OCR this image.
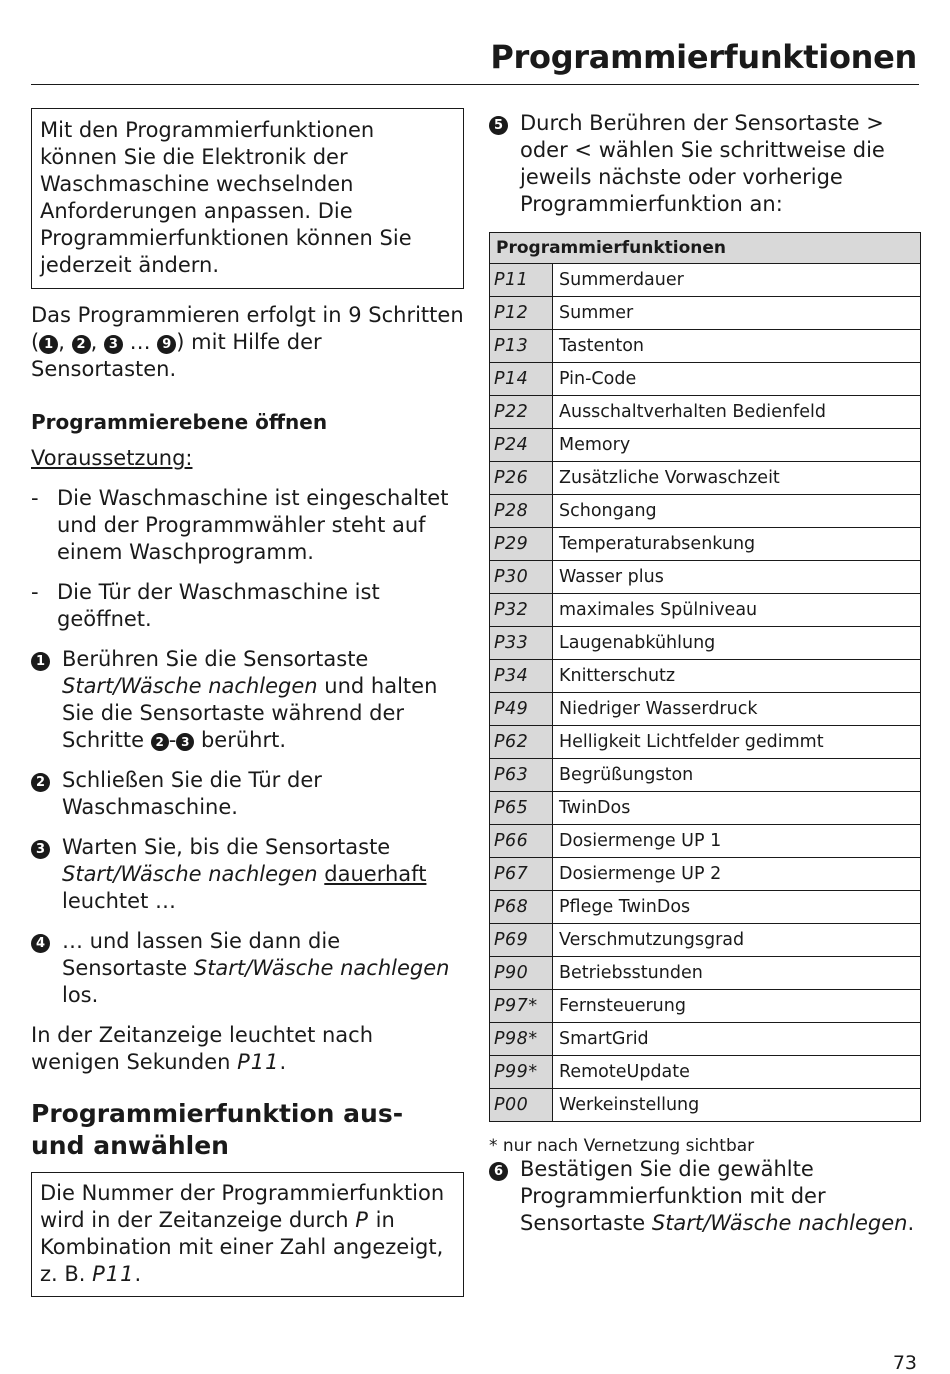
Programmierfunktionen

Mit den Programmierfunktionen können Sie die Elektronik der Waschmaschine wechselnden Anforderungen anpassen. Die Programmierfunktionen können Sie jederzeit ändern.

Das Programmieren erfolgt in 9 Schritten ( 1 , 2 , 3 … 9 ) mit Hilfe der Sensortasten.

Programmierebene öffnen

Voraussetzung:

- Die Waschmaschine ist eingeschaltet und der Programmwähler steht auf einem Waschprogramm.
- Die Tür der Waschmaschine ist geöffnet.
1 Berühren Sie die Sensortaste Start/Wäsche nachlegen und halten Sie die Sensortaste während der Schritte 2 - 3 berührt.
2 Schließen Sie die Tür der Waschmaschine.
3 Warten Sie, bis die Sensortaste Start/Wäsche nachlegen dauerhaft leuchtet …
4 … und lassen Sie dann die Sensortaste Start/Wäsche nachlegen los.

In der Zeitanzeige leuchtet nach wenigen Sekunden P11.

Programmierfunktion aus- und anwählen

Die Nummer der Programmierfunktion wird in der Zeitanzeige durch P in Kombination mit einer Zahl angezeigt, z. B. P11.

5 Durch Berühren der Sensortaste > oder < wählen Sie schrittweise die jeweils nächste oder vorherige Programmierfunktion an:
Programmierfunktionen	
P11	Summerdauer
P12	Summer
P13	Tastenton
P14	Pin-Code
P22	Ausschaltverhalten Bedienfeld
P24	Memory
P26	Zusätzliche Vorwaschzeit
P28	Schongang
P29	Temperaturabsenkung
P30	Wasser plus
P32	maximales Spülniveau
P33	Laugenabkühlung
P34	Knitterschutz
P49	Niedriger Wasserdruck
P62	Helligkeit Lichtfelder gedimmt
P63	Begrüßungston
P65	TwinDos
P66	Dosiermenge UP 1
P67	Dosiermenge UP 2
P68	Pflege TwinDos
P69	Verschmutzungsgrad
P90	Betriebsstunden
P97*	Fernsteuerung
P98*	SmartGrid
P99*	RemoteUpdate
P00	Werkeinstellung

* nur nach Vernetzung sichtbar

6 Bestätigen Sie die gewählte Programmierfunktion mit der Sensortaste Start/Wäsche nachlegen.
73
